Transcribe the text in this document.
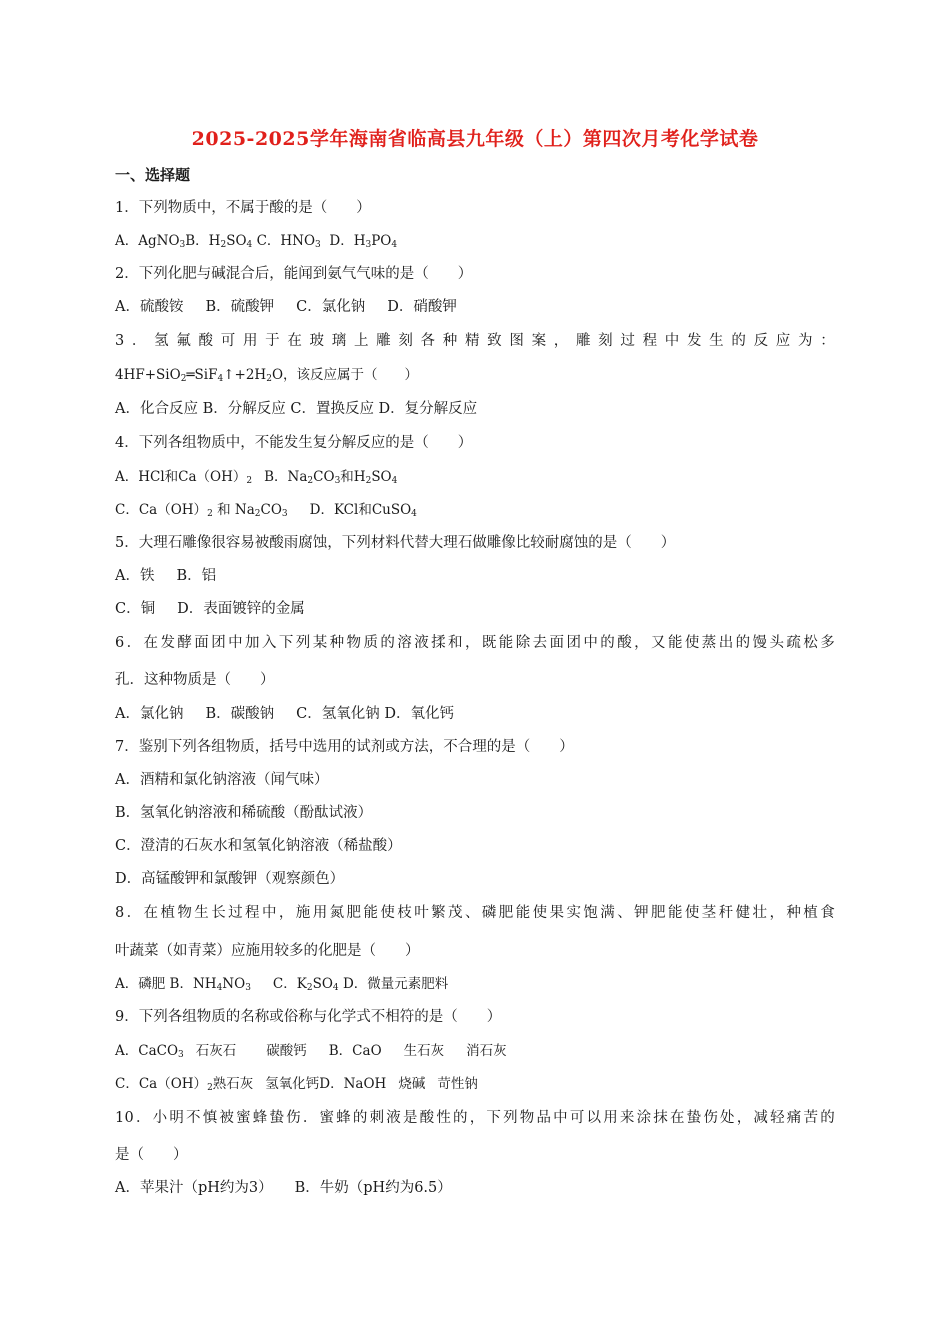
2025-2025学年海南省临高县九年级（上）第四次月考化学试卷
一、选择题
1．下列物质中，不属于酸的是（　　）
A．AgNO$_3$B．$H_2SO_4$ C．$HNO_3$ D．$H_3PO_4$
2．下列化肥与碱混合后，能闻到氨气气味的是（　　）
A．硫酸铵 B．硫酸钾 C．氯化钠 D．硝酸钾
3．氢氟酸可用于在玻璃上雕刻各种精致图案，雕刻过程中发生的反应为：
$4HF+SiO_2═SiF_4↑+2H_2O$，该反应属于（　　）
A．化合反应 B．分解反应 C．置换反应 D．复分解反应
4．下列各组物质中，不能发生复分解反应的是（　　）
A．HCl和$Ca(OH)_2$ B．$Na_2CO_3$和$H_2SO_4$
C．$Ca(OH)_2$ 和 $Na_2CO_3$ D．KCl和CuSO$_4$
5．大理石雕像很容易被酸雨腐蚀，下列材料代替大理石做雕像比较耐腐蚀的是（　　）
A．铁 B．铝
C．铜 D．表面镀锌的金属
6．在发酵面团中加入下列某种物质的溶液揉和，既能除去面团中的酸，又能使蒸出的馒头疏松多
孔．这种物质是（　　）
A．氯化钠 B．碳酸钠 C．氢氧化钠 D．氧化钙
7．鉴别下列各组物质，括号中选用的试剂或方法，不合理的是（　　）
A．酒精和氯化钠溶液（闻气味）
B．氢氧化钠溶液和稀硫酸（酚酞试液）
C．澄清的石灰水和氢氧化钠溶液（稀盐酸）
D．高锰酸钾和氯酸钾（观察颜色）
8．在植物生长过程中，施用氮肥能使枝叶繁茂、磷肥能使果实饱满、钾肥能使茎秆健壮，种植食
叶蔬菜（如青菜）应施用较多的化肥是（　　）
A．磷肥 B．$NH_4NO_3$ C．$K_2SO_4$ D．微量元素肥料
9．下列各组物质的名称或俗称与化学式不相符的是（　　）
A．CaCO$_3$ 石灰石 碳酸钙 B．CaO 生石灰 消石灰
C．$Ca(OH)_2$熟石灰 氢氧化钙D．NaOH 烧碱 苛性钠
10．小明不慎被蜜蜂蛰伤．蜜蜂的刺液是酸性的，下列物品中可以用来涂抹在蛰伤处，减轻痛苦的
是（　　）
A．苹果汁（pH约为3） B．牛奶（pH约为6.5）
